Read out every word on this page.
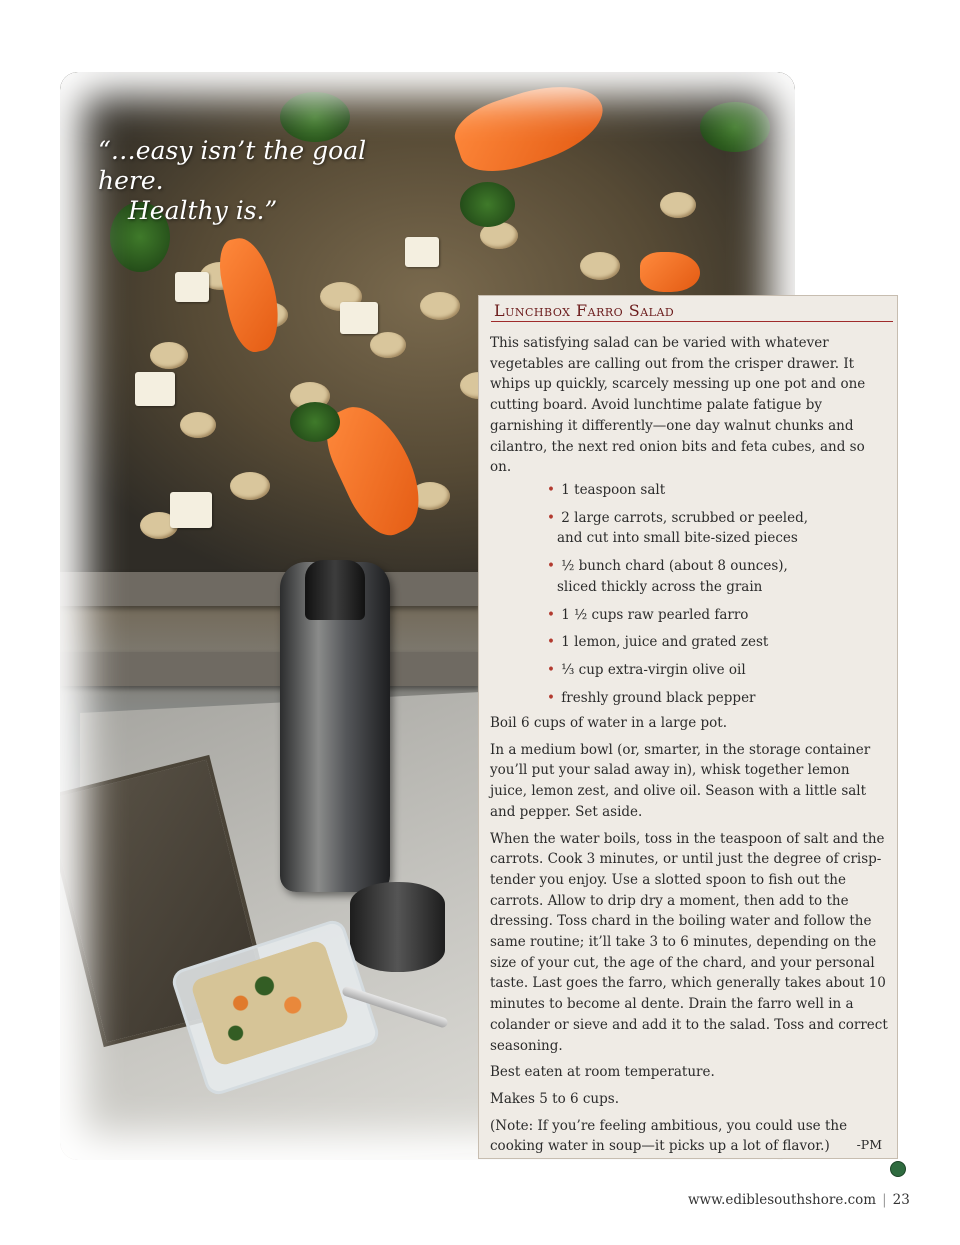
“…easy isn’t the goal here.
Healthy is.”
Lunchbox Farro Salad
This satisfying salad can be varied with whatever vegetables are calling out from the crisper drawer. It whips up quickly, scarcely messing up one pot and one cutting board. Avoid lunchtime palate fatigue by garnishing it differently—one day walnut chunks and cilantro, the next red onion bits and feta cubes, and so on.
• 1 teaspoon salt
• 2 large carrots, scrubbed or peeled,
and cut into small bite-sized pieces
• ½ bunch chard (about 8 ounces),
sliced thickly across the grain
• 1 ½ cups raw pearled farro
• 1 lemon, juice and grated zest
• ⅓ cup extra-virgin olive oil
• freshly ground black pepper

Boil 6 cups of water in a large pot.

In a medium bowl (or, smarter, in the storage container you’ll put your salad away in), whisk together lemon juice, lemon zest, and olive oil. Season with a little salt and pepper. Set aside.

When the water boils, toss in the teaspoon of salt and the carrots. Cook 3 minutes, or until just the degree of crisp-tender you enjoy. Use a slotted spoon to fish out the carrots. Allow to drip dry a moment, then add to the dressing. Toss chard in the boiling water and follow the same routine; it’ll take 3 to 6 minutes, depending on the size of your cut, the age of the chard, and your personal taste. Last goes the farro, which generally takes about 10 minutes to become al dente. Drain the farro well in a colander or sieve and add it to the salad. Toss and correct seasoning.

Best eaten at room temperature.

Makes 5 to 6 cups.

(Note: If you’re feeling ambitious, you could use the cooking water in soup—it picks up a lot of flavor.)	-PM
www.ediblesouthshore.com | 23
